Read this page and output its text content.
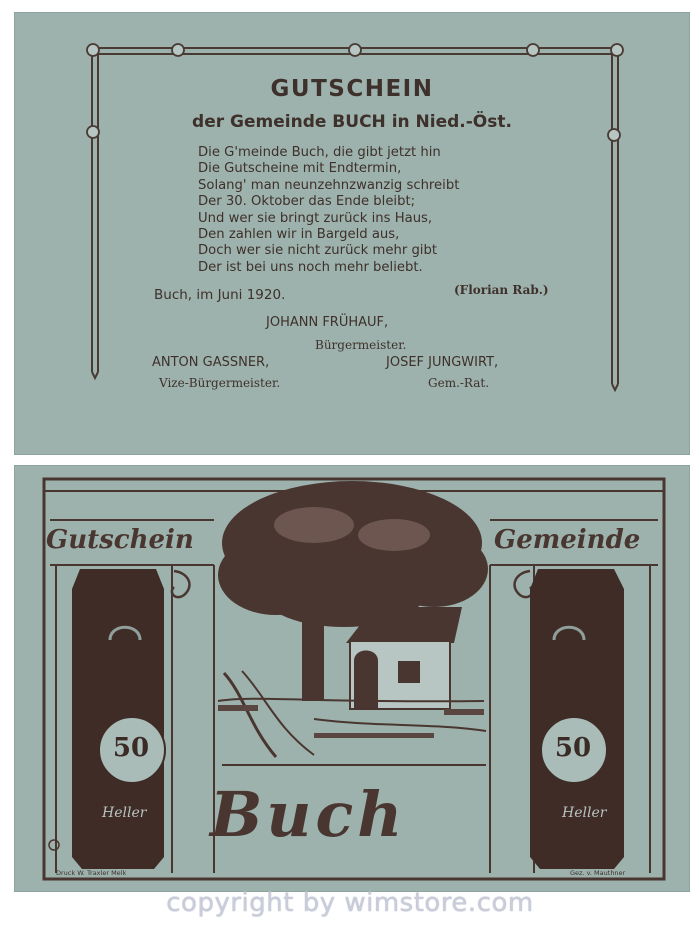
GUTSCHEIN
der Gemeinde BUCH in Nied.-Öst.
Die G'meinde Buch, die gibt jetzt hin
Die Gutscheine mit Endtermin,
Solang' man neunzehnzwanzig schreibt
Der 30. Oktober das Ende bleibt;
Und wer sie bringt zurück ins Haus,
Den zahlen wir in Bargeld aus,
Doch wer sie nicht zurück mehr gibt
Der ist bei uns noch mehr beliebt.
(Florian Rab.)
Buch, im Juni 1920.
JOHANN FRÜHAUF,
Bürgermeister.
ANTON GASSNER,
Vize-Bürgermeister.
JOSEF JUNGWIRT,
Gem.-Rat.
Gutschein	Gemeinde
Buch
50	50
Heller	Heller
Druck W. Traxler Melk	Gez. v. Mauthner
copyright by wimstore.com
